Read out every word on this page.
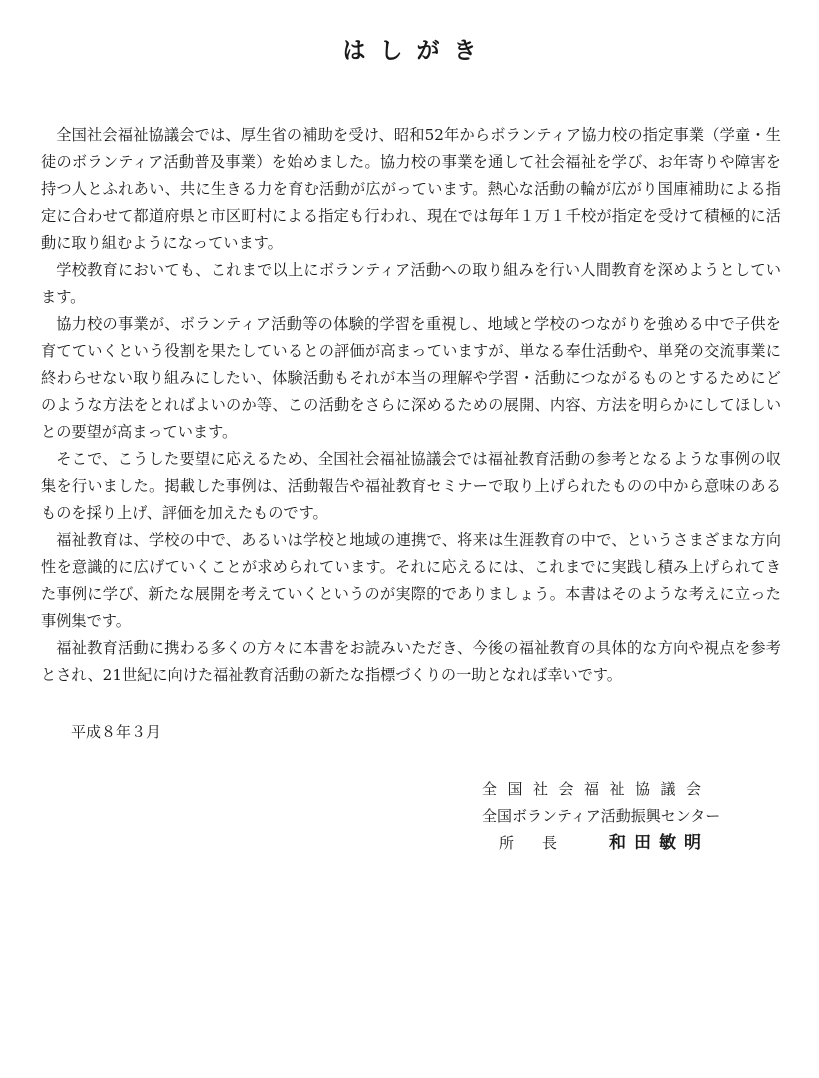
はしがき

全国社会福祉協議会では、厚生省の補助を受け、昭和52年からボランティア協力校の指定事業（学童・生徒のボランティア活動普及事業）を始めました。協力校の事業を通して社会福祉を学び、お年寄りや障害を持つ人とふれあい、共に生きる力を育む活動が広がっています。熱心な活動の輪が広がり国庫補助による指定に合わせて都道府県と市区町村による指定も行われ、現在では毎年１万１千校が指定を受けて積極的に活動に取り組むようになっています。

学校教育においても、これまで以上にボランティア活動への取り組みを行い人間教育を深めようとしています。

協力校の事業が、ボランティア活動等の体験的学習を重視し、地域と学校のつながりを強める中で子供を育てていくという役割を果たしているとの評価が高まっていますが、単なる奉仕活動や、単発の交流事業に終わらせない取り組みにしたい、体験活動もそれが本当の理解や学習・活動につながるものとするためにどのような方法をとればよいのか等、この活動をさらに深めるための展開、内容、方法を明らかにしてほしいとの要望が高まっています。

そこで、こうした要望に応えるため、全国社会福祉協議会では福祉教育活動の参考となるような事例の収集を行いました。掲載した事例は、活動報告や福祉教育セミナーで取り上げられたものの中から意味のあるものを採り上げ、評価を加えたものです。

福祉教育は、学校の中で、あるいは学校と地域の連携で、将来は生涯教育の中で、というさまざまな方向性を意識的に広げていくことが求められています。それに応えるには、これまでに実践し積み上げられてきた事例に学び、新たな展開を考えていくというのが実際的でありましょう。本書はそのような考えに立った事例集です。

福祉教育活動に携わる多くの方々に本書をお読みいただき、今後の福祉教育の具体的な方向や視点を参考とされ、21世紀に向けた福祉教育活動の新たな指標づくりの一助となれば幸いです。

平成８年３月
全国社会福祉協議会
全国ボランティア活動振興センター
所長	和田敏明
